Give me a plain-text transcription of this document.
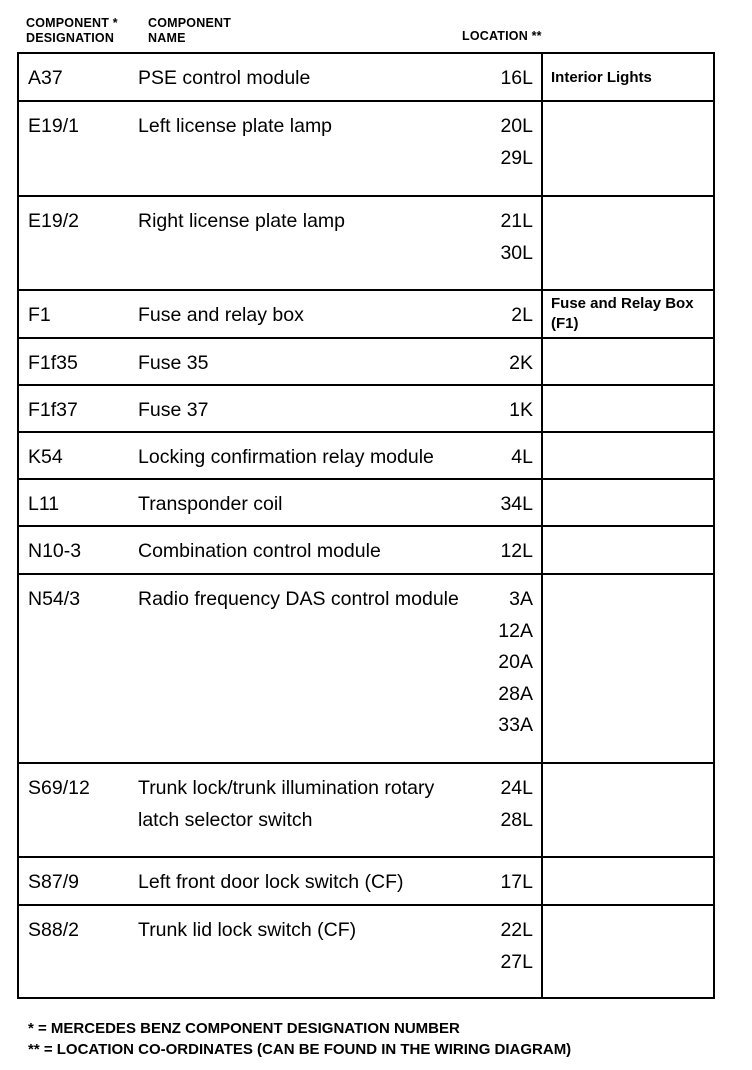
COMPONENT *
DESIGNATION
COMPONENT
NAME	LOCATION **
A37	PSE control module	16L	Interior Lights
E19/1	Left license plate lamp	20L
29L	

E19/2	Right license plate lamp	21L
30L	

F1	Fuse and relay box	2L	Fuse and Relay Box (F1)
F1f35	Fuse 35	2K	

F1f37	Fuse 37	1K	

K54	Locking confirmation relay module	4L	

L11	Transponder coil	34L	

N10-3	Combination control module	12L	

N54/3	Radio frequency DAS control module	3A
12A
20A
28A
33A	

S69/12	Trunk lock/trunk illumination rotary latch selector switch	24L
28L	

S87/9	Left front door lock switch (CF)	17L	

S88/2	Trunk lid lock switch (CF)	22L
27L	

* = MERCEDES BENZ COMPONENT DESIGNATION NUMBER
** = LOCATION CO-ORDINATES (CAN BE FOUND IN THE WIRING DIAGRAM)
